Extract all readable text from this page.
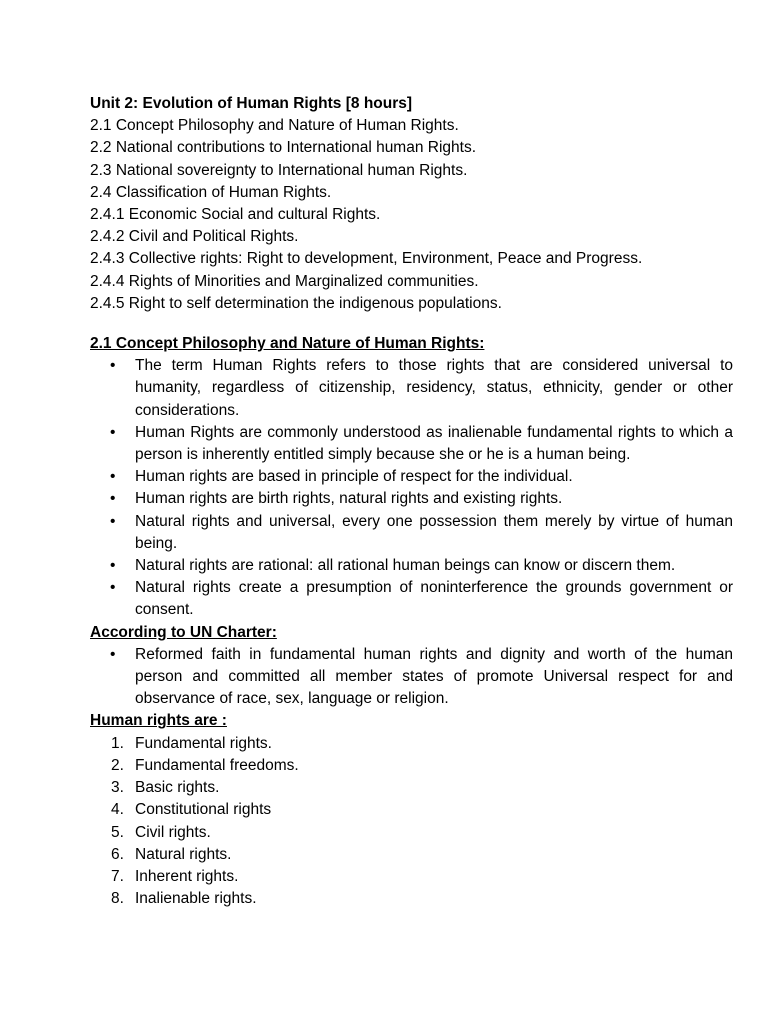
Unit 2: Evolution of Human Rights [8 hours]
2.1 Concept Philosophy and Nature of Human Rights.
2.2 National contributions to International human Rights.
2.3 National sovereignty to International human Rights.
2.4 Classification of Human Rights.
2.4.1 Economic Social and cultural Rights.
2.4.2 Civil and Political Rights.
2.4.3 Collective rights: Right to development, Environment, Peace and Progress.
2.4.4 Rights of Minorities and Marginalized communities.
2.4.5 Right to self determination the indigenous populations.
2.1 Concept Philosophy and Nature of Human Rights:
• The term Human Rights refers to those rights that are considered universal to humanity, regardless of citizenship, residency, status, ethnicity, gender or other considerations.
• Human Rights are commonly understood as inalienable fundamental rights to which a person is inherently entitled simply because she or he is a human being.
• Human rights are based in principle of respect for the individual.
• Human rights are birth rights, natural rights and existing rights.
• Natural rights and universal, every one possession them merely by virtue of human being.
• Natural rights are rational: all rational human beings can know or discern them.
• Natural rights create a presumption of noninterference the grounds government or consent.
According to UN Charter:
• Reformed faith in fundamental human rights and dignity and worth of the human person and committed all member states of promote Universal respect for and observance of race, sex, language or religion.
Human rights are :
1. Fundamental rights.
2. Fundamental freedoms.
3. Basic rights.
4. Constitutional rights
5. Civil rights.
6. Natural rights.
7. Inherent rights.
8. Inalienable rights.
